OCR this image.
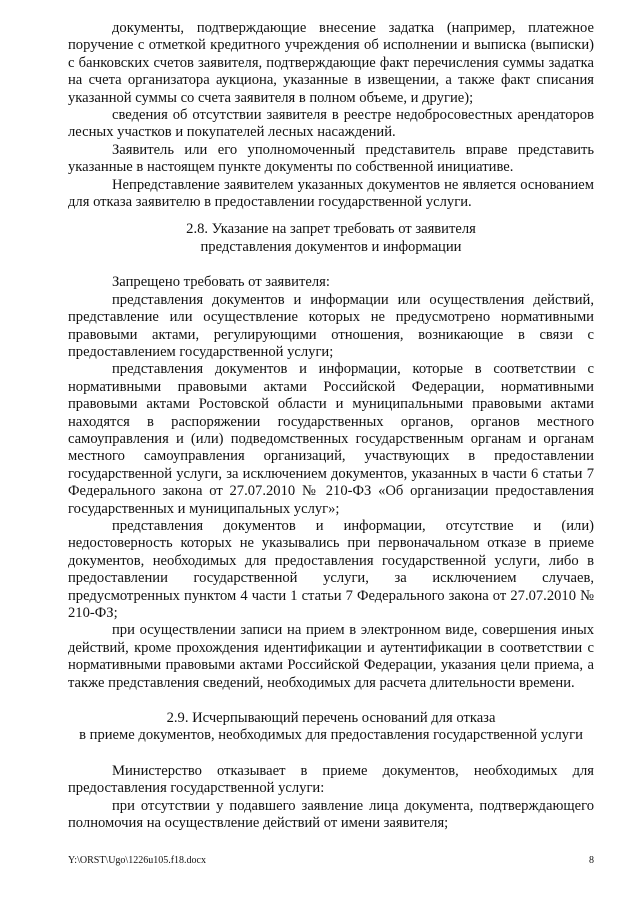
документы, подтверждающие внесение задатка (например, платежное поручение с отметкой кредитного учреждения об исполнении и выписка (выписки) с банковских счетов заявителя, подтверждающие факт перечисления суммы задатка на счета организатора аукциона, указанные в извещении, а также факт списания указанной суммы со счета заявителя в полном объеме, и другие);

сведения об отсутствии заявителя в реестре недобросовестных арендаторов лесных участков и покупателей лесных насаждений.

Заявитель или его уполномоченный представитель вправе представить указанные в настоящем пункте документы по собственной инициативе.

Непредставление заявителем указанных документов не является основанием для отказа заявителю в предоставлении государственной услуги.

2.8. Указание на запрет требовать от заявителя

представления документов и информации

Запрещено требовать от заявителя:

представления документов и информации или осуществления действий, представление или осуществление которых не предусмотрено нормативными правовыми актами, регулирующими отношения, возникающие в связи с предоставлением государственной услуги;

представления документов и информации, которые в соответствии с нормативными правовыми актами Российской Федерации, нормативными правовыми актами Ростовской области и муниципальными правовыми актами находятся в распоряжении государственных органов, органов местного самоуправления и (или) подведомственных государственным органам и органам местного самоуправления организаций, участвующих в предоставлении государственной услуги, за исключением документов, указанных в части 6 статьи 7 Федерального закона от 27.07.2010 № 210-ФЗ «Об организации предоставления государственных и муниципальных услуг»;

представления документов и информации, отсутствие и (или) недостоверность которых не указывались при первоначальном отказе в приеме документов, необходимых для предоставления государственной услуги, либо в предоставлении государственной услуги, за исключением случаев, предусмотренных пунктом 4 части 1 статьи 7 Федерального закона от 27.07.2010 № 210-ФЗ;

при осуществлении записи на прием в электронном виде, совершения иных действий, кроме прохождения идентификации и аутентификации в соответствии с нормативными правовыми актами Российской Федерации, указания цели приема, а также представления сведений, необходимых для расчета длительности времени.

2.9. Исчерпывающий перечень оснований для отказа

в приеме документов, необходимых для предоставления государственной услуги

Министерство отказывает в приеме документов, необходимых для предоставления государственной услуги:

при отсутствии у подавшего заявление лица документа, подтверждающего полномочия на осуществление действий от имени заявителя;

Y:\ORST\Ugo\1226u105.f18.docx	8
